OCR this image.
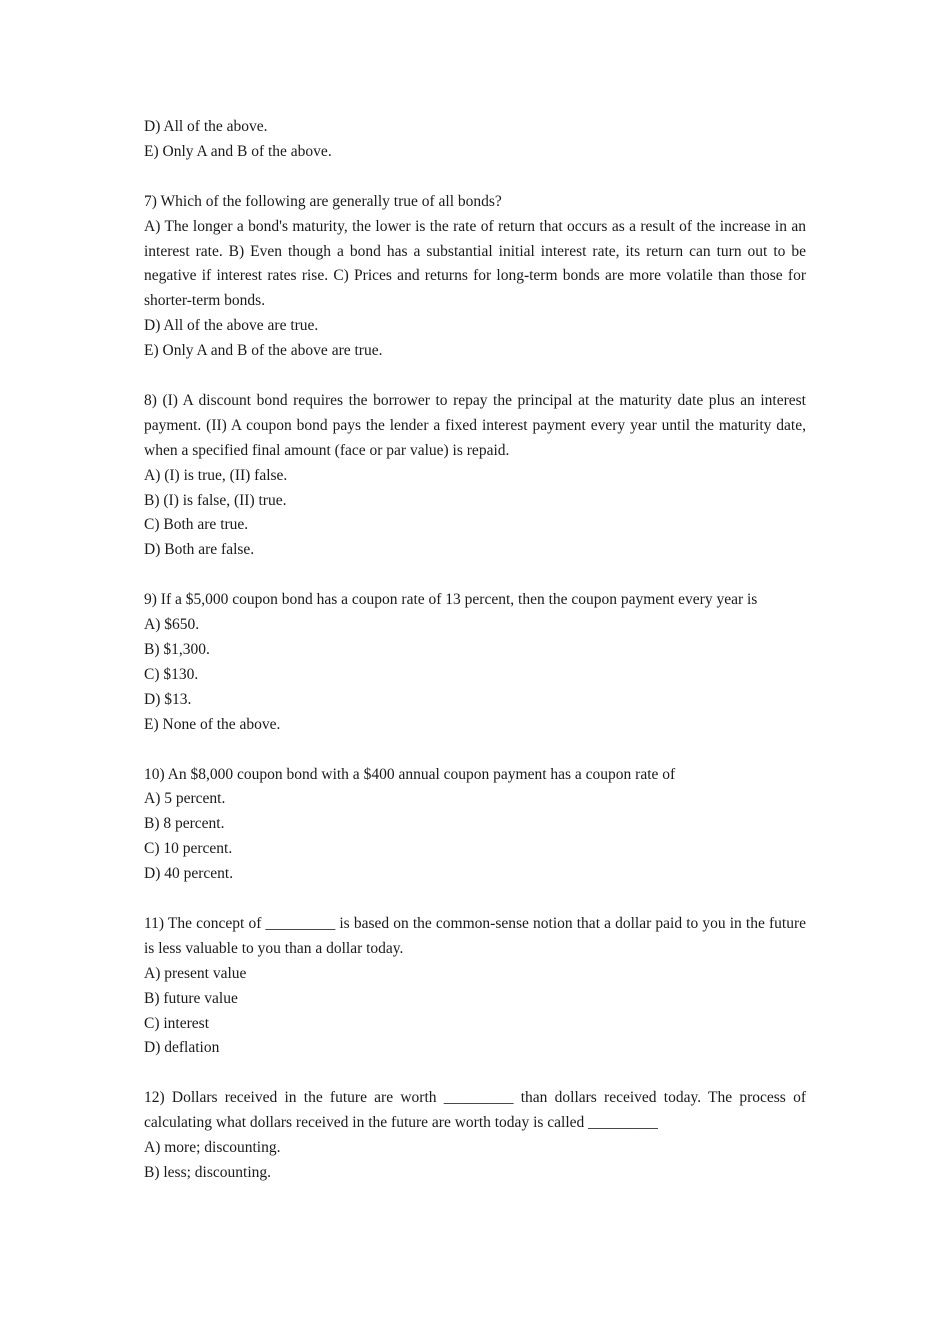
D) All of the above.
E) Only A and B of the above.
7) Which of the following are generally true of all bonds?

A) The longer a bond's maturity, the lower is the rate of return that occurs as a result of the increase in an interest rate. B) Even though a bond has a substantial initial interest rate, its return can turn out to be negative if interest rates rise. C) Prices and returns for long-term bonds are more volatile than those for shorter-term bonds.

D) All of the above are true.
E) Only A and B of the above are true.

8) (I) A discount bond requires the borrower to repay the principal at the maturity date plus an interest payment. (II) A coupon bond pays the lender a fixed interest payment every year until the maturity date, when a specified final amount (face or par value) is repaid.

A) (I) is true, (II) false.
B) (I) is false, (II) true.
C) Both are true.
D) Both are false.

9) If a $5,000 coupon bond has a coupon rate of 13 percent, then the coupon payment every year is

A) $650.
B) $1,300.
C) $130.
D) $13.
E) None of the above.
10) An $8,000 coupon bond with a $400 annual coupon payment has a coupon rate of
A) 5 percent.
B) 8 percent.
C) 10 percent.
D) 40 percent.

11) The concept of _________ is based on the common-sense notion that a dollar paid to you in the future is less valuable to you than a dollar today.

A) present value
B) future value
C) interest
D) deflation

12) Dollars received in the future are worth _________ than dollars received today. The process of calculating what dollars received in the future are worth today is called _________

A) more; discounting.
B) less; discounting.
